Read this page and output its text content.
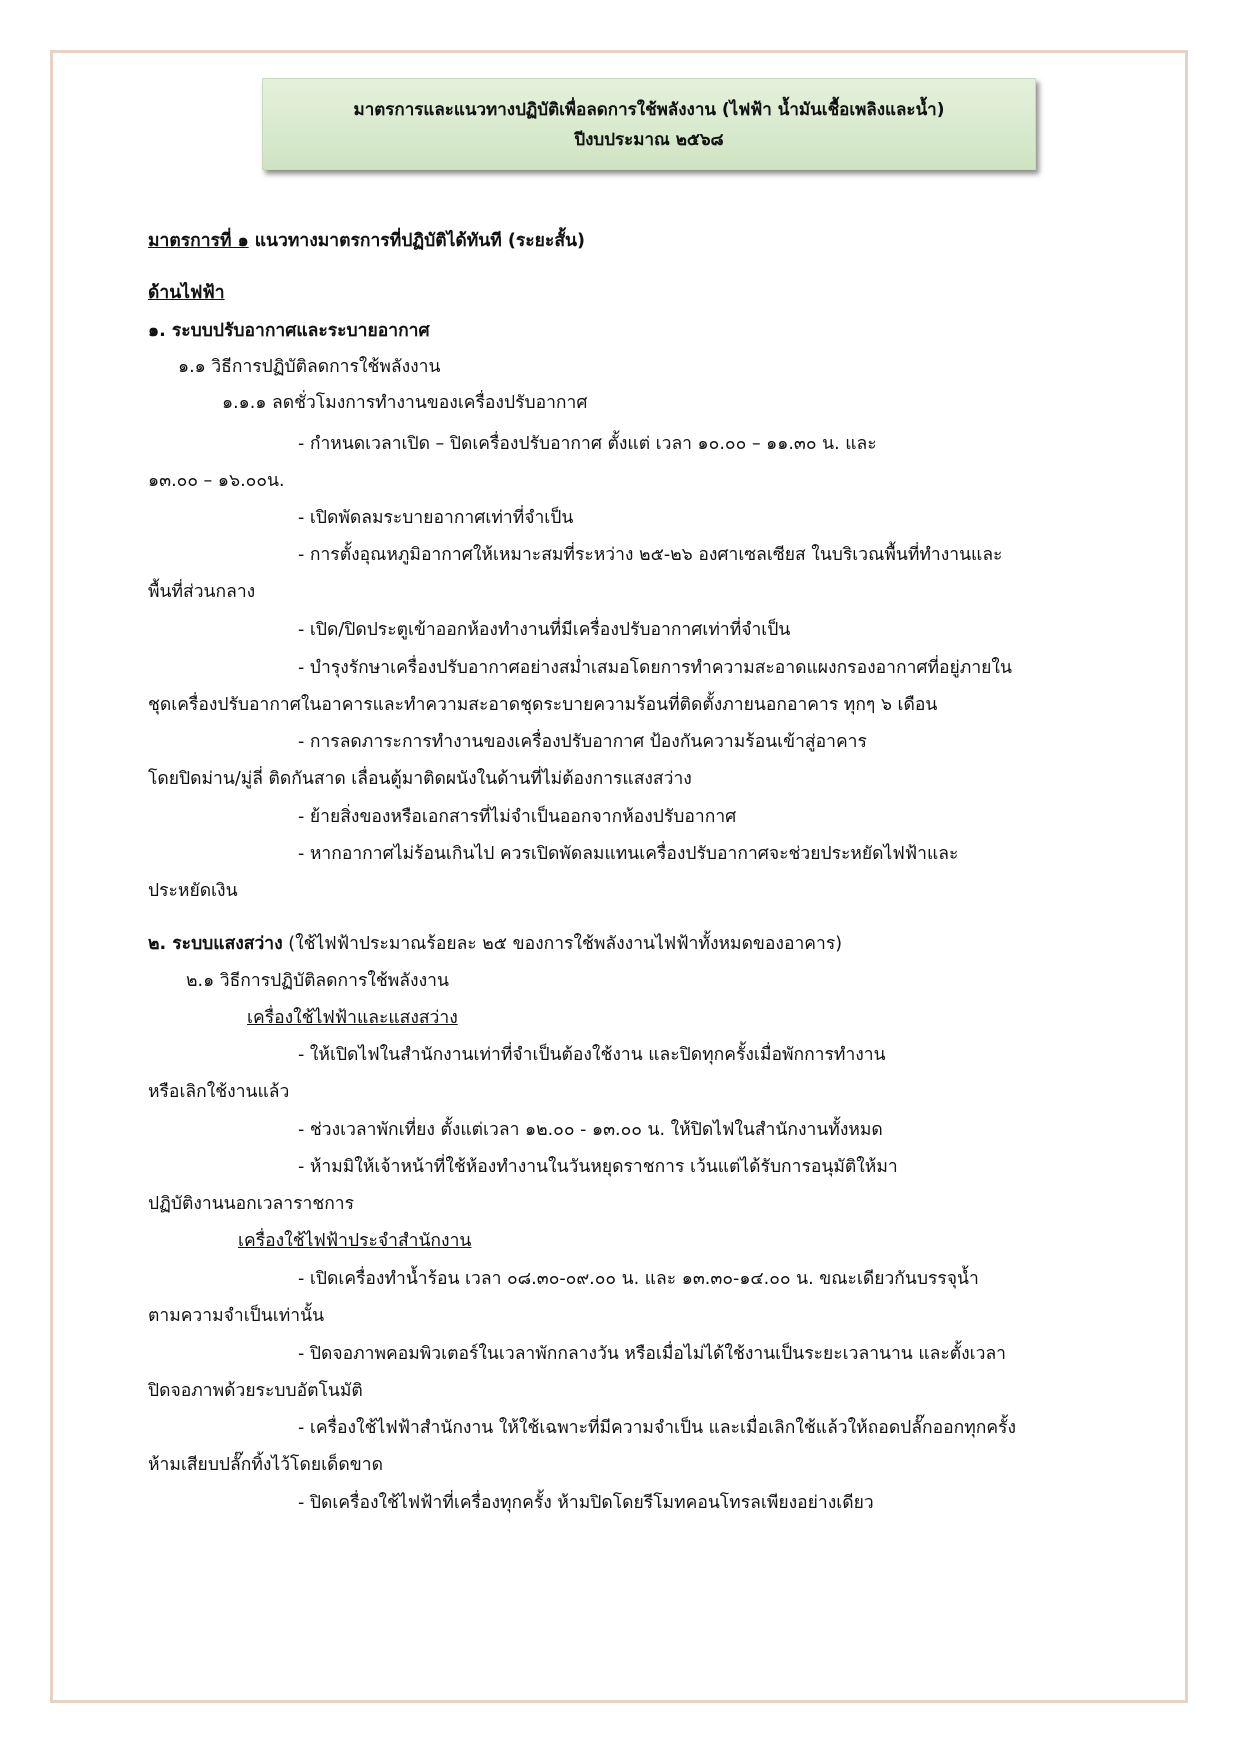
มาตรการและแนวทางปฏิบัติเพื่อลดการใช้พลังงาน (ไฟฟ้า น้ำมันเชื้อเพลิงและน้ำ)
ปีงบประมาณ ๒๕๖๘
มาตรการที่ ๑ แนวทางมาตรการที่ปฏิบัติได้ทันที (ระยะสั้น)
ด้านไฟฟ้า
๑. ระบบปรับอากาศและระบายอากาศ
๑.๑ วิธีการปฏิบัติลดการใช้พลังงาน
๑.๑.๑ ลดชั่วโมงการทำงานของเครื่องปรับอากาศ
- กำหนดเวลาเปิด – ปิดเครื่องปรับอากาศ ตั้งแต่ เวลา ๑๐.๐๐ – ๑๑.๓๐ น. และ
๑๓.๐๐ – ๑๖.๐๐น.
- เปิดพัดลมระบายอากาศเท่าที่จำเป็น
- การตั้งอุณหภูมิอากาศให้เหมาะสมที่ระหว่าง ๒๕-๒๖ องศาเซลเซียส ในบริเวณพื้นที่ทำงานและ
พื้นที่ส่วนกลาง
- เปิด/ปิดประตูเข้าออกห้องทำงานที่มีเครื่องปรับอากาศเท่าที่จำเป็น
- บำรุงรักษาเครื่องปรับอากาศอย่างสม่ำเสมอโดยการทำความสะอาดแผงกรองอากาศที่อยู่ภายใน
ชุดเครื่องปรับอากาศในอาคารและทำความสะอาดชุดระบายความร้อนที่ติดตั้งภายนอกอาคาร ทุกๆ ๖ เดือน
- การลดภาระการทำงานของเครื่องปรับอากาศ ป้องกันความร้อนเข้าสู่อาคาร
โดยปิดม่าน/มู่ลี่ ติดกันสาด เลื่อนตู้มาติดผนังในด้านที่ไม่ต้องการแสงสว่าง
- ย้ายสิ่งของหรือเอกสารที่ไม่จำเป็นออกจากห้องปรับอากาศ
- หากอากาศไม่ร้อนเกินไป ควรเปิดพัดลมแทนเครื่องปรับอากาศจะช่วยประหยัดไฟฟ้าและ
ประหยัดเงิน
๒. ระบบแสงสว่าง (ใช้ไฟฟ้าประมาณร้อยละ ๒๕ ของการใช้พลังงานไฟฟ้าทั้งหมดของอาคาร)
๒.๑ วิธีการปฏิบัติลดการใช้พลังงาน
เครื่องใช้ไฟฟ้าและแสงสว่าง
- ให้เปิดไฟในสำนักงานเท่าที่จำเป็นต้องใช้งาน และปิดทุกครั้งเมื่อพักการทำงาน
หรือเลิกใช้งานแล้ว
- ช่วงเวลาพักเที่ยง ตั้งแต่เวลา ๑๒.๐๐ - ๑๓.๐๐ น. ให้ปิดไฟในสำนักงานทั้งหมด
- ห้ามมิให้เจ้าหน้าที่ใช้ห้องทำงานในวันหยุดราชการ เว้นแต่ได้รับการอนุมัติให้มา
ปฏิบัติงานนอกเวลาราชการ
เครื่องใช้ไฟฟ้าประจำสำนักงาน
- เปิดเครื่องทำน้ำร้อน เวลา ๐๘.๓๐-๐๙.๐๐ น. และ ๑๓.๓๐-๑๔.๐๐ น. ขณะเดียวกันบรรจุน้ำ
ตามความจำเป็นเท่านั้น
- ปิดจอภาพคอมพิวเตอร์ในเวลาพักกลางวัน หรือเมื่อไม่ได้ใช้งานเป็นระยะเวลานาน และตั้งเวลา
ปิดจอภาพด้วยระบบอัตโนมัติ
- เครื่องใช้ไฟฟ้าสำนักงาน ให้ใช้เฉพาะที่มีความจำเป็น และเมื่อเลิกใช้แล้วให้ถอดปลั๊กออกทุกครั้ง
ห้ามเสียบปลั๊กทิ้งไว้โดยเด็ดขาด
- ปิดเครื่องใช้ไฟฟ้าที่เครื่องทุกครั้ง ห้ามปิดโดยรีโมทคอนโทรลเพียงอย่างเดียว
